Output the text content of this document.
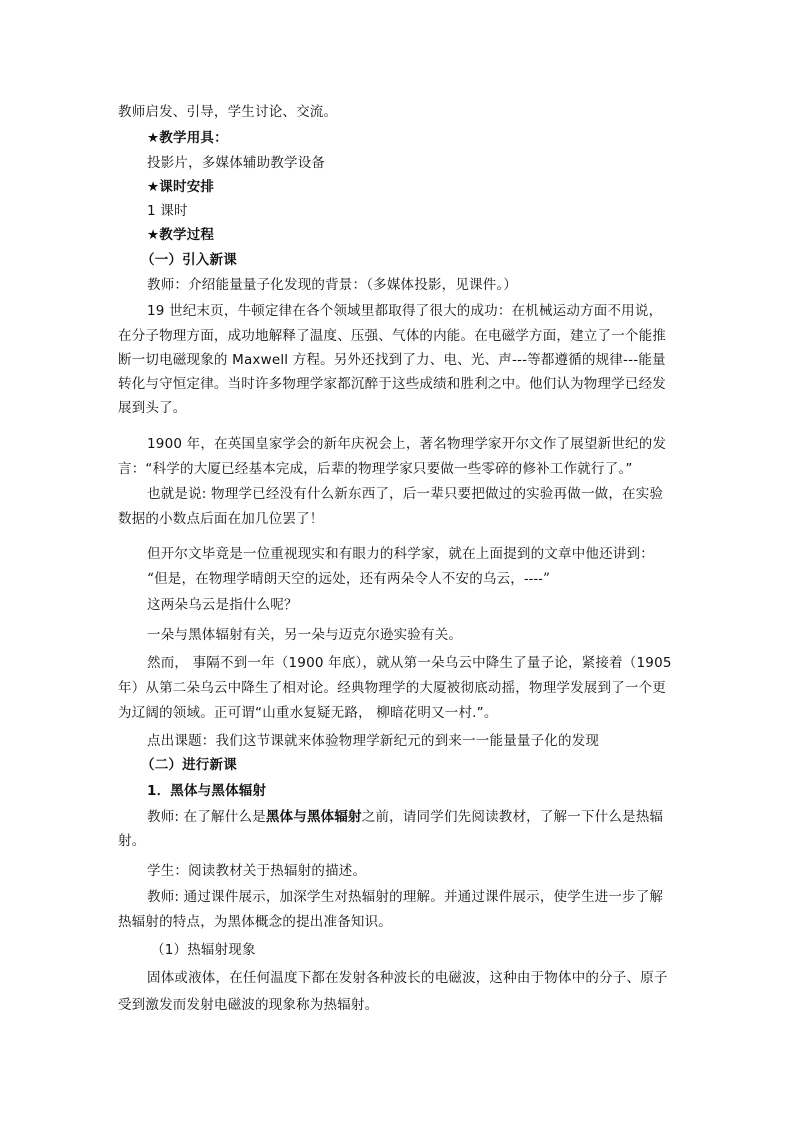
教师启发、引导，学生讨论、交流。
★教学用具：
投影片，多媒体辅助教学设备
★课时安排
1 课时
★教学过程
（一）引入新课
教师：介绍能量量子化发现的背景：（多媒体投影，见课件。）
19 世纪末页，牛顿定律在各个领域里都取得了很大的成功：在机械运动方面不用说，
在分子物理方面，成功地解释了温度、压强、气体的内能。在电磁学方面，建立了一个能推
断一切电磁现象的 Maxwell 方程。另外还找到了力、电、光、声---等都遵循的规律---能量
转化与守恒定律。当时许多物理学家都沉醉于这些成绩和胜利之中。他们认为物理学已经发
展到头了。
1900 年，在英国皇家学会的新年庆祝会上，著名物理学家开尔文作了展望新世纪的发
言：“科学的大厦已经基本完成，后辈的物理学家只要做一些零碎的修补工作就行了。”
也就是说: 物理学已经没有什么新东西了，后一辈只要把做过的实验再做一做，在实验
数据的小数点后面在加几位罢了！
但开尔文毕竟是一位重视现实和有眼力的科学家，就在上面提到的文章中他还讲到：
“但是，在物理学晴朗天空的远处，还有两朵令人不安的乌云，----”
这两朵乌云是指什么呢？
一朵与黑体辐射有关，另一朵与迈克尔逊实验有关。
然而， 事隔不到一年（1900 年底），就从第一朵乌云中降生了量子论，紧接着（1905
年）从第二朵乌云中降生了相对论。经典物理学的大厦被彻底动摇，物理学发展到了一个更
为辽阔的领域。正可谓“山重水复疑无路， 柳暗花明又一村.”。
点出课题：我们这节课就来体验物理学新纪元的到来一一能量量子化的发现
（二）进行新课
1．黑体与黑体辐射
教师: 在了解什么是黑体与黑体辐射之前，请同学们先阅读教材，了解一下什么是热辐
射。
学生：阅读教材关于热辐射的描述。
教师: 通过课件展示，加深学生对热辐射的理解。并通过课件展示，使学生进一步了解
热辐射的特点，为黑体概念的提出准备知识。
（1）热辐射现象
固体或液体，在任何温度下都在发射各种波长的电磁波，这种由于物体中的分子、原子
受到激发而发射电磁波的现象称为热辐射。
